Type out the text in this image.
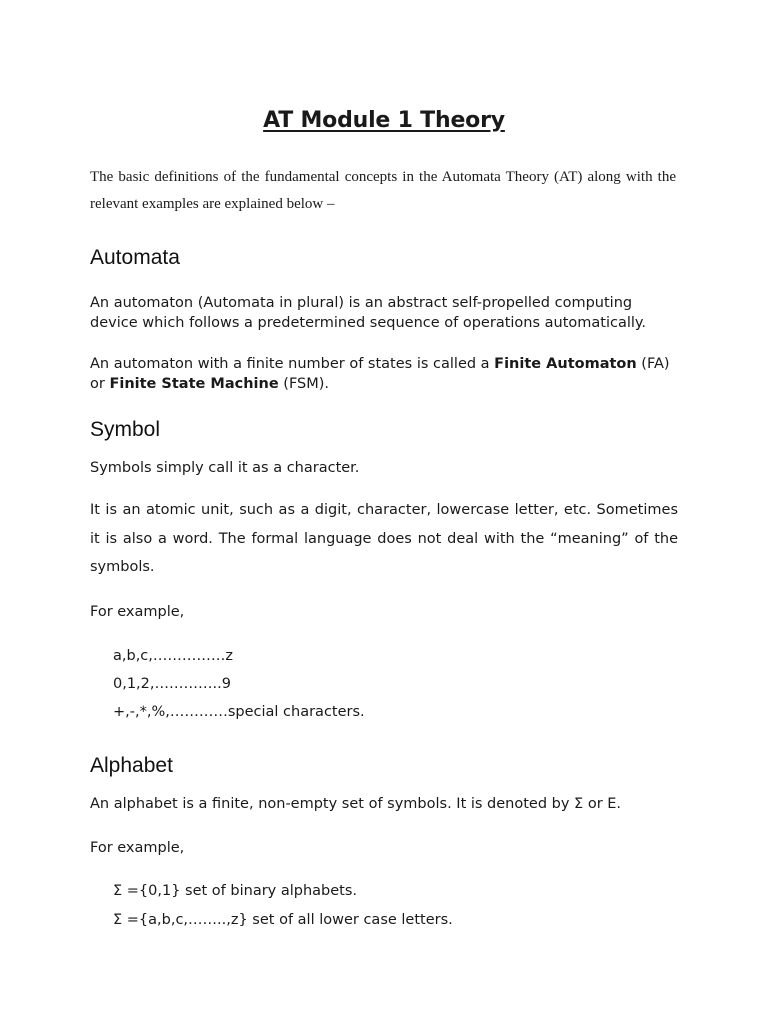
AT Module 1 Theory
The basic definitions of the fundamental concepts in the Automata Theory (AT) along with the relevant examples are explained below –
Automata
An automaton (Automata in plural) is an abstract self-propelled computing device which follows a predetermined sequence of operations automatically.
An automaton with a finite number of states is called a Finite Automaton (FA) or Finite State Machine (FSM).
Symbol
Symbols simply call it as a character.
It is an atomic unit, such as a digit, character, lowercase letter, etc. Sometimes it is also a word. The formal language does not deal with the “meaning” of the symbols.
For example,
a,b,c,……………z
0,1,2,…………..9
+,-,*,%,…………special characters.
Alphabet
An alphabet is a finite, non-empty set of symbols. It is denoted by Σ or E.
For example,
Σ ={0,1} set of binary alphabets.
Σ ={a,b,c,……..,z} set of all lower case letters.
